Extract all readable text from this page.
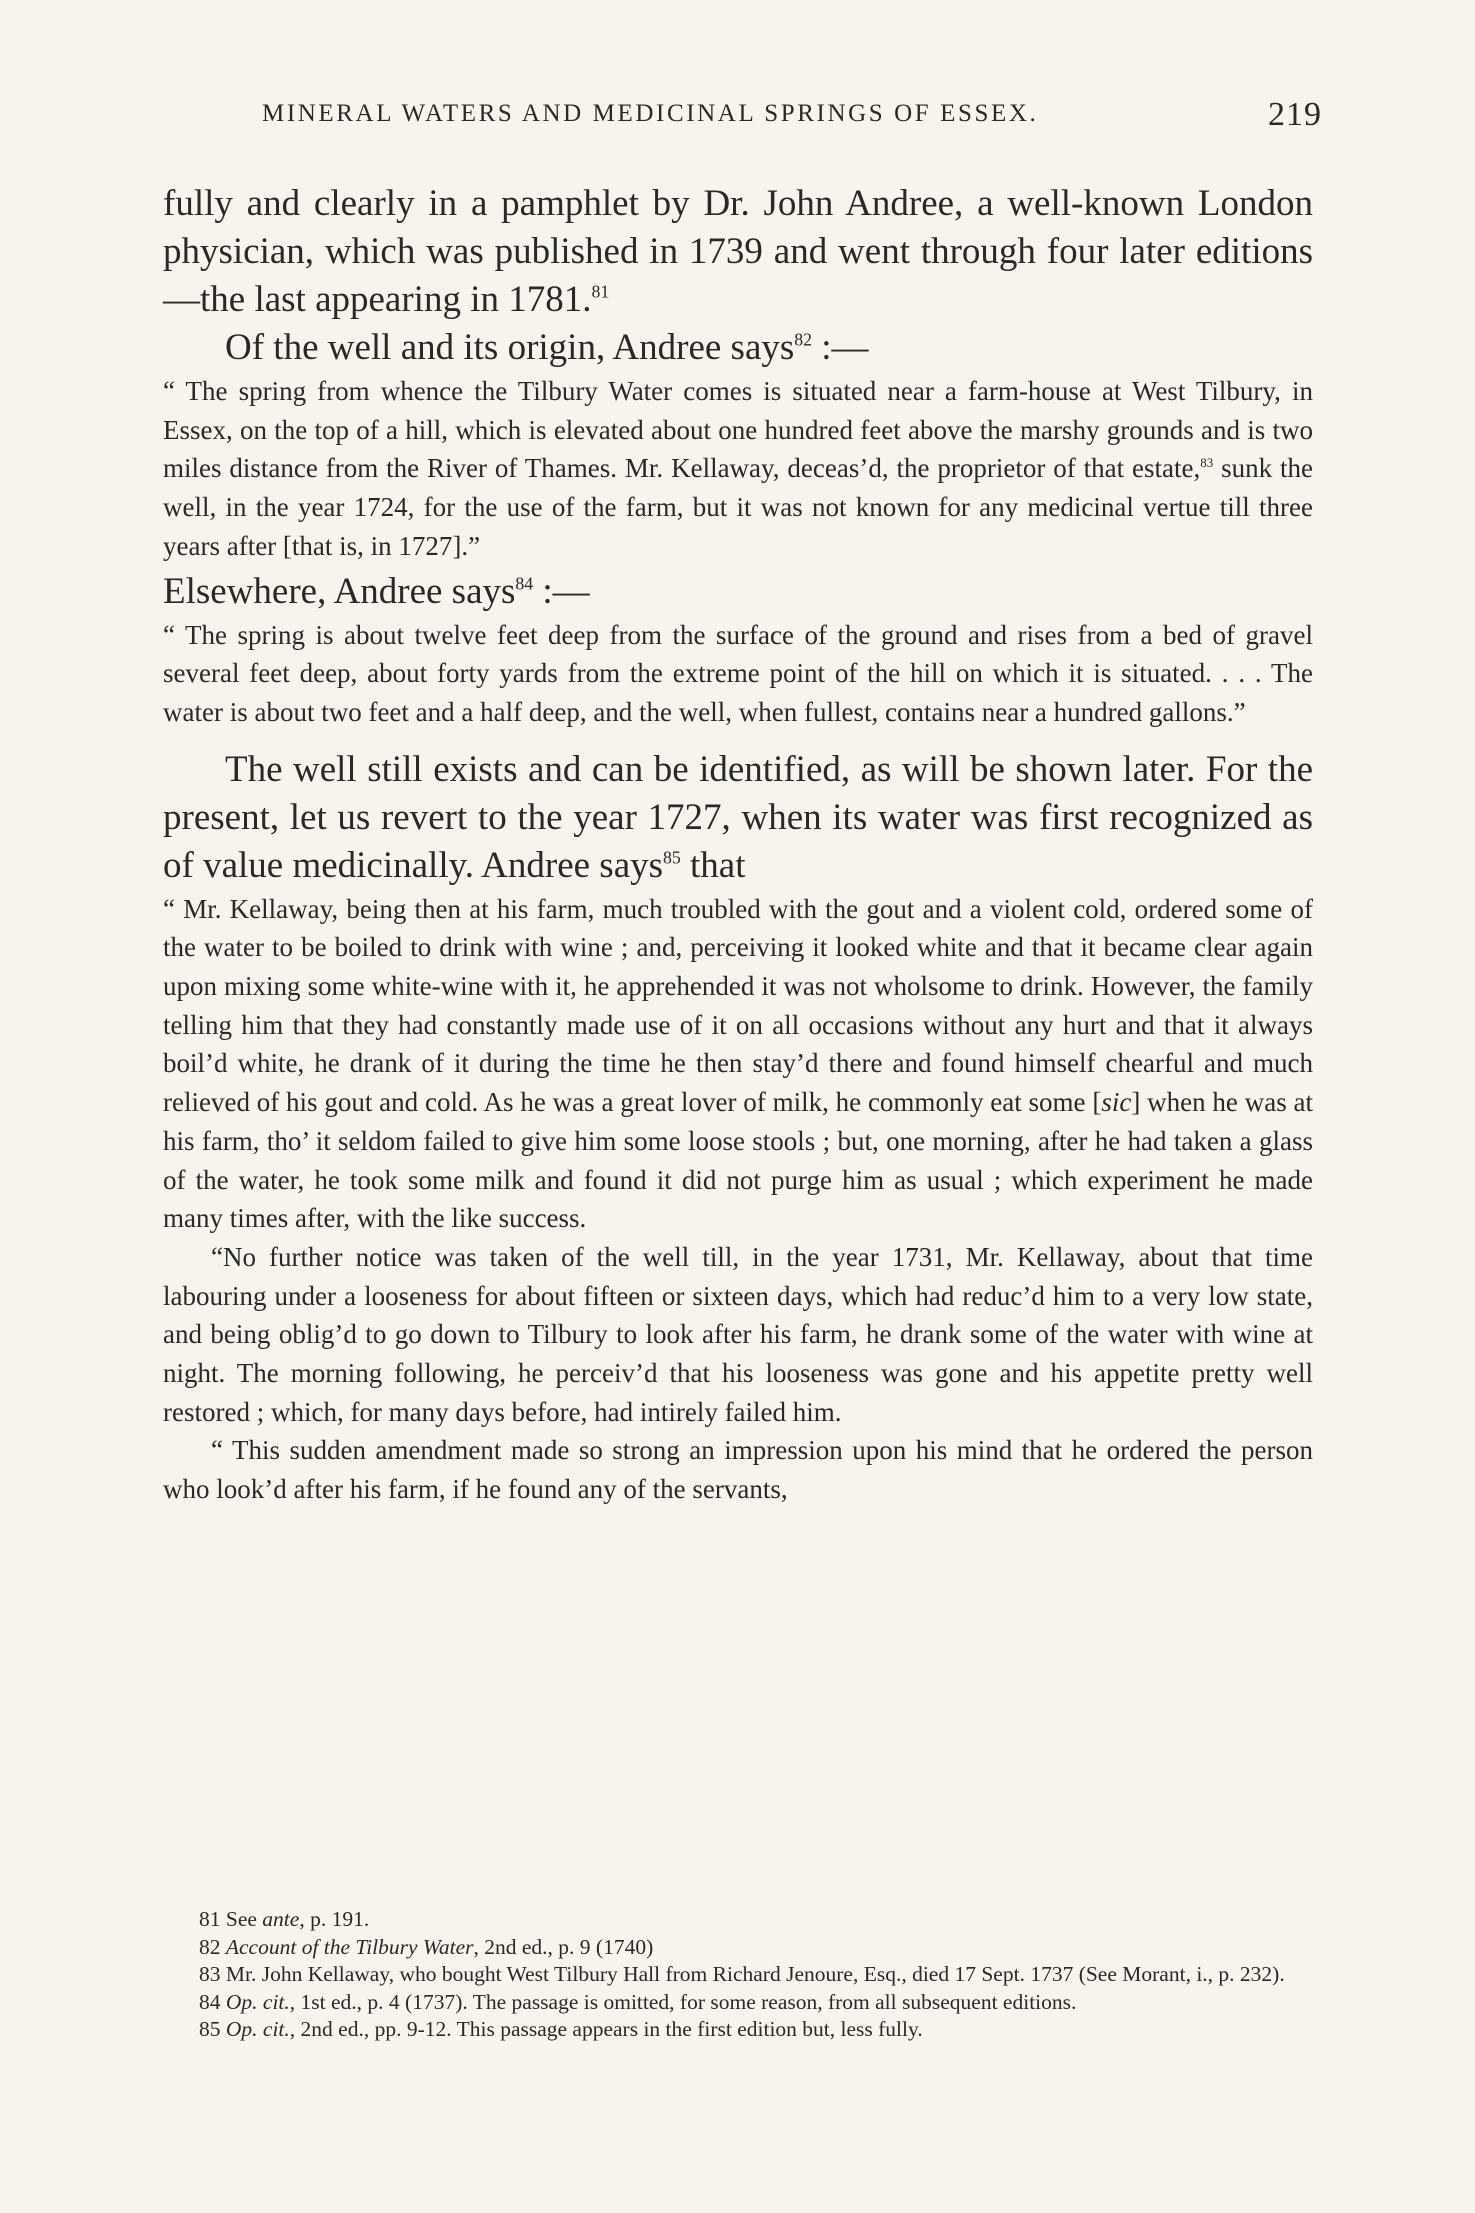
MINERAL WATERS AND MEDICINAL SPRINGS OF ESSEX.	219

fully and clearly in a pamphlet by Dr. John Andree, a well-known London physician, which was published in 1739 and went through four later editions—the last appearing in 1781.81

Of the well and its origin, Andree says$^{82}$ :—

“ The spring from whence the Tilbury Water comes is situated near a farm-house at West Tilbury, in Essex, on the top of a hill, which is elevated about one hundred feet above the marshy grounds and is two miles distance from the River of Thames. Mr. Kellaway, deceas’d, the proprietor of that estate,$^{83}$ sunk the well, in the year 1724, for the use of the farm, but it was not known for any medicinal vertue till three years after [that is, in 1727].”

Elsewhere, Andree says$^{84}$ :—

“ The spring is about twelve feet deep from the surface of the ground and rises from a bed of gravel several feet deep, about forty yards from the extreme point of the hill on which it is situated. . . . The water is about two feet and a half deep, and the well, when fullest, contains near a hundred gallons.”

The well still exists and can be identified, as will be shown later. For the present, let us revert to the year 1727, when its water was first recognized as of value medicinally. Andree says$^{85}$ that

“ Mr. Kellaway, being then at his farm, much troubled with the gout and a violent cold, ordered some of the water to be boiled to drink with wine ; and, perceiving it looked white and that it became clear again upon mixing some white-wine with it, he apprehended it was not wholsome to drink. However, the family telling him that they had constantly made use of it on all occasions without any hurt and that it always boil’d white, he drank of it during the time he then stay’d there and found himself chearful and much relieved of his gout and cold. As he was a great lover of milk, he commonly eat some [sic] when he was at his farm, tho’ it seldom failed to give him some loose stools ; but, one morning, after he had taken a glass of the water, he took some milk and found it did not purge him as usual ; which experiment he made many times after, with the like success.

“No further notice was taken of the well till, in the year 1731, Mr. Kellaway, about that time labouring under a looseness for about fifteen or sixteen days, which had reduc’d him to a very low state, and being oblig’d to go down to Tilbury to look after his farm, he drank some of the water with wine at night. The morning following, he perceiv’d that his looseness was gone and his appetite pretty well restored ; which, for many days before, had intirely failed him.

“ This sudden amendment made so strong an impression upon his mind that he ordered the person who look’d after his farm, if he found any of the servants,

81 See ante, p. 191.

82 Account of the Tilbury Water, 2nd ed., p. 9 (1740)

83 Mr. John Kellaway, who bought West Tilbury Hall from Richard Jenoure, Esq., died 17 Sept. 1737 (See Morant, i., p. 232).

84 Op. cit., 1st ed., p. 4 (1737). The passage is omitted, for some reason, from all subsequent editions.

85 Op. cit., 2nd ed., pp. 9-12. This passage appears in the first edition but, less fully.
